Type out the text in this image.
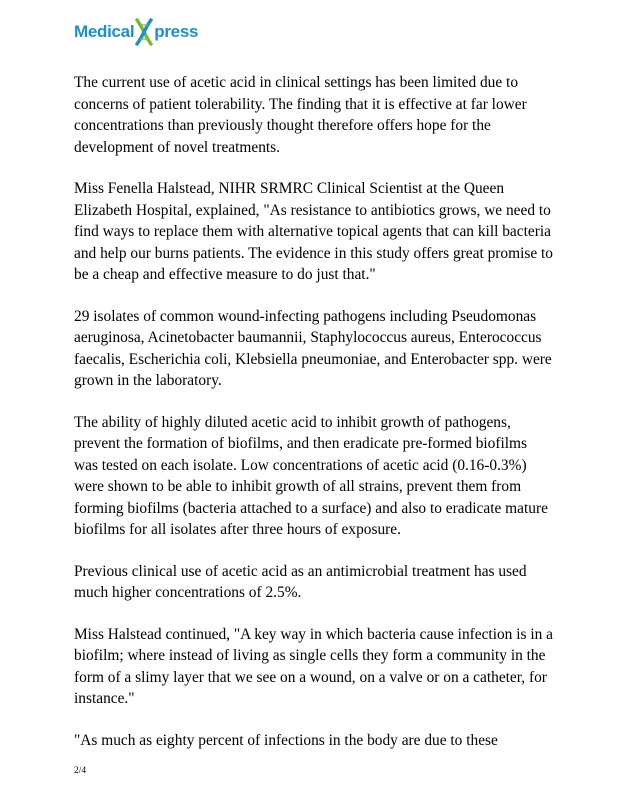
Medical press

The current use of acetic acid in clinical settings has been limited due to concerns of patient tolerability. The finding that it is effective at far lower concentrations than previously thought therefore offers hope for the development of novel treatments.

Miss Fenella Halstead, NIHR SRMRC Clinical Scientist at the Queen Elizabeth Hospital, explained, "As resistance to antibiotics grows, we need to find ways to replace them with alternative topical agents that can kill bacteria and help our burns patients. The evidence in this study offers great promise to be a cheap and effective measure to do just that."

29 isolates of common wound-infecting pathogens including Pseudomonas aeruginosa, Acinetobacter baumannii, Staphylococcus aureus, Enterococcus faecalis, Escherichia coli, Klebsiella pneumoniae, and Enterobacter spp. were grown in the laboratory.

The ability of highly diluted acetic acid to inhibit growth of pathogens, prevent the formation of biofilms, and then eradicate pre-formed biofilms was tested on each isolate. Low concentrations of acetic acid (0.16-0.3%) were shown to be able to inhibit growth of all strains, prevent them from forming biofilms (bacteria attached to a surface) and also to eradicate mature biofilms for all isolates after three hours of exposure.

Previous clinical use of acetic acid as an antimicrobial treatment has used much higher concentrations of 2.5%.

Miss Halstead continued, "A key way in which bacteria cause infection is in a biofilm; where instead of living as single cells they form a community in the form of a slimy layer that we see on a wound, on a valve or on a catheter, for instance."

"As much as eighty percent of infections in the body are due to these

2/4
